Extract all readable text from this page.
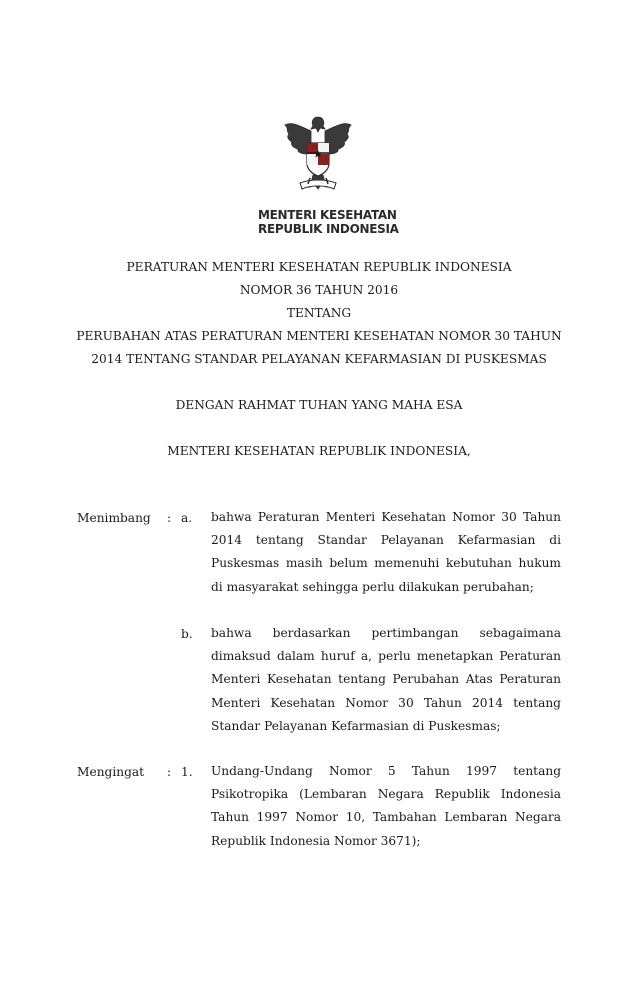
MENTERI KESEHATAN
REPUBLIK INDONESIA
PERATURAN MENTERI KESEHATAN REPUBLIK INDONESIA
NOMOR 36 TAHUN 2016
TENTANG
PERUBAHAN ATAS PERATURAN MENTERI KESEHATAN NOMOR 30 TAHUN
2014 TENTANG STANDAR PELAYANAN KEFARMASIAN DI PUSKESMAS
DENGAN RAHMAT TUHAN YANG MAHA ESA
MENTERI KESEHATAN REPUBLIK INDONESIA,
Menimbang : a. bahwa Peraturan Menteri Kesehatan Nomor 30 Tahun 2014 tentang Standar Pelayanan Kefarmasian di Puskesmas masih belum memenuhi kebutuhan hukum di masyarakat sehingga perlu dilakukan perubahan;
b. bahwa berdasarkan pertimbangan sebagaimana dimaksud dalam huruf a, perlu menetapkan Peraturan Menteri Kesehatan tentang Perubahan Atas Peraturan Menteri Kesehatan Nomor 30 Tahun 2014 tentang Standar Pelayanan Kefarmasian di Puskesmas;
Mengingat : 1. Undang-Undang Nomor 5 Tahun 1997 tentang Psikotropika (Lembaran Negara Republik Indonesia Tahun 1997 Nomor 10, Tambahan Lembaran Negara Republik Indonesia Nomor 3671);
